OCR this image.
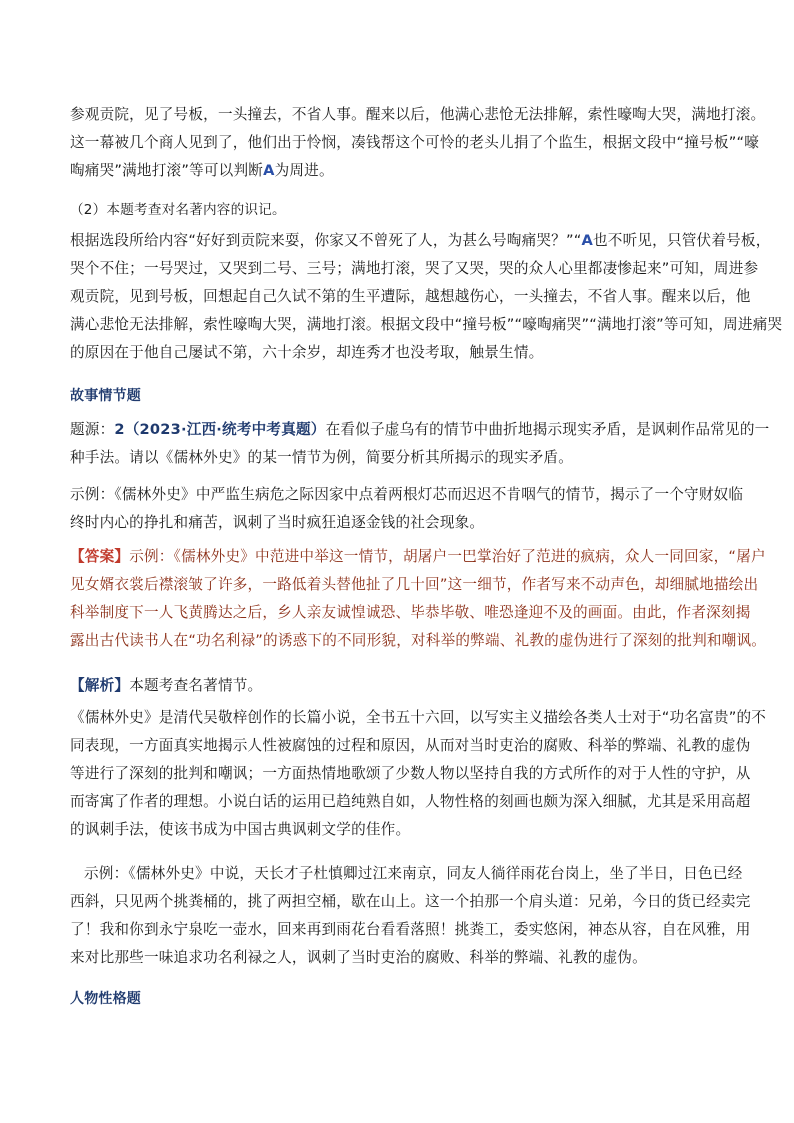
参观贡院，见了号板，一头撞去，不省人事。醒来以后，他满心悲怆无法排解，索性嚎啕大哭，满地打滚。
这一幕被几个商人见到了，他们出于怜悯，凑钱帮这个可怜的老头儿捐了个监生，根据文段中“撞号板”“嚎
啕痛哭”满地打滚”等可以判断A为周进。
（2）本题考查对名著内容的识记。
根据选段所给内容“好好到贡院来耍，你家又不曾死了人，为甚么号啕痛哭？”“A也不听见，只管伏着号板，
哭个不住；一号哭过，又哭到二号、三号；满地打滚，哭了又哭，哭的众人心里都凄惨起来”可知，周进参
观贡院，见到号板，回想起自己久试不第的生平遭际，越想越伤心，一头撞去，不省人事。醒来以后，他
满心悲怆无法排解，索性嚎啕大哭，满地打滚。根据文段中“撞号板”“嚎啕痛哭”“满地打滚”等可知，周进痛哭
的原因在于他自己屡试不第，六十余岁，却连秀才也没考取，触景生情。
故事情节题
题源：2（2023·江西·统考中考真题）在看似子虚乌有的情节中曲折地揭示现实矛盾，是讽刺作品常见的一
种手法。请以《儒林外史》的某一情节为例，简要分析其所揭示的现实矛盾。
示例：《儒林外史》中严监生病危之际因家中点着两根灯芯而迟迟不肯咽气的情节，揭示了一个守财奴临
终时内心的挣扎和痛苦，讽刺了当时疯狂追逐金钱的社会现象。
【答案】示例：《儒林外史》中范进中举这一情节，胡屠户一巴掌治好了范进的疯病，众人一同回家，“屠户
见女婿衣裳后襟滚皱了许多，一路低着头替他扯了几十回”这一细节，作者写来不动声色，却细腻地描绘出
科举制度下一人飞黄腾达之后，乡人亲友诚惶诚恐、毕恭毕敬、唯恐逢迎不及的画面。由此，作者深刻揭
露出古代读书人在“功名利禄”的诱惑下的不同形貌，对科举的弊端、礼教的虚伪进行了深刻的批判和嘲讽。
【解析】本题考查名著情节。
《儒林外史》是清代吴敬梓创作的长篇小说，全书五十六回，以写实主义描绘各类人士对于“功名富贵”的不
同表现，一方面真实地揭示人性被腐蚀的过程和原因，从而对当时吏治的腐败、科举的弊端、礼教的虚伪
等进行了深刻的批判和嘲讽；一方面热情地歌颂了少数人物以坚持自我的方式所作的对于人性的守护，从
而寄寓了作者的理想。小说白话的运用已趋纯熟自如，人物性格的刻画也颇为深入细腻，尤其是采用高超
的讽刺手法，使该书成为中国古典讽刺文学的佳作。
示例：《儒林外史》中说，天长才子杜慎卿过江来南京，同友人徜徉雨花台岗上，坐了半日，日色已经
西斜，只见两个挑粪桶的，挑了两担空桶，歇在山上。这一个拍那一个肩头道：兄弟，今日的货已经卖完
了！我和你到永宁泉吃一壶水，回来再到雨花台看看落照！挑粪工，委实悠闲，神态从容，自在风雅，用
来对比那些一味追求功名利禄之人，讽刺了当时吏治的腐败、科举的弊端、礼教的虚伪。
人物性格题
